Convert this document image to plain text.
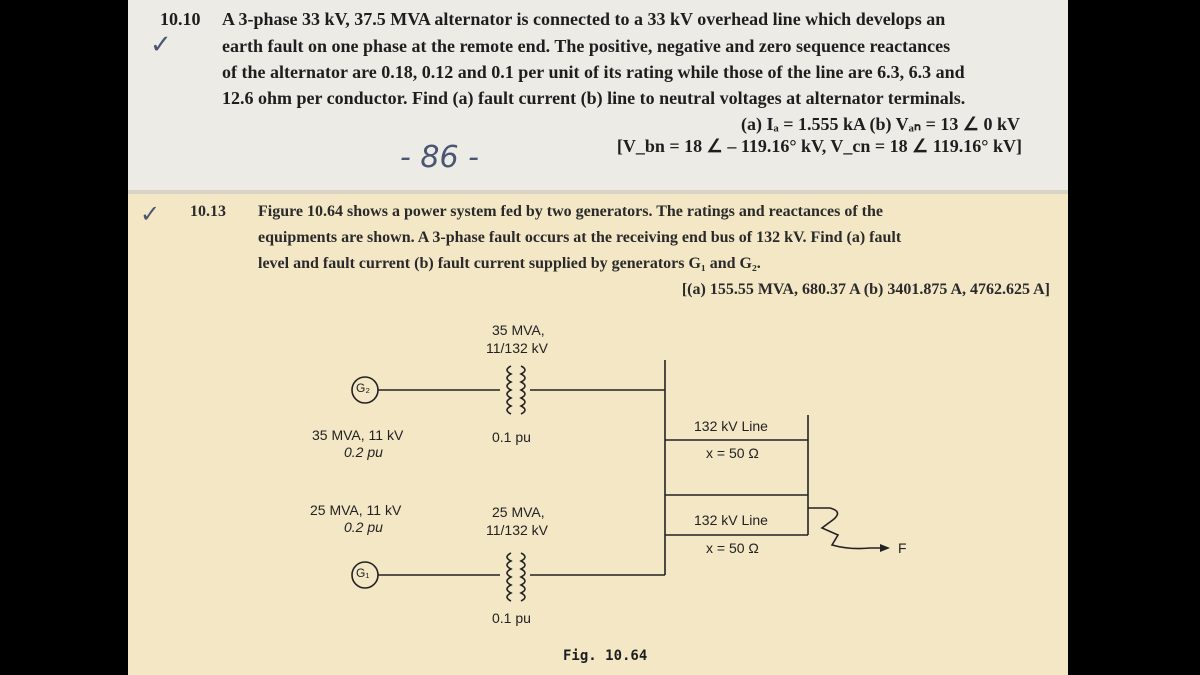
10.10
✓
A 3-phase 33 kV, 37.5 MVA alternator is connected to a 33 kV overhead line which develops an
earth fault on one phase at the remote end. The positive, negative and zero sequence reactances
of the alternator are 0.18, 0.12 and 0.1 per unit of its rating while those of the line are 6.3, 6.3 and
12.6 ohm per conductor. Find (a) fault current (b) line to neutral voltages at alternator terminals.
(a) Iₐ = 1.555 kA (b) Vₐₙ = 13 ∠ 0 kV
[V_bn = 18 ∠ – 119.16° kV, V_cn = 18 ∠ 119.16° kV]
- 86 -
✓ 10.13 Figure 10.64 shows a power system fed by two generators. The ratings and reactances of the
equipments are shown. A 3-phase fault occurs at the receiving end bus of 132 kV. Find (a) fault
level and fault current (b) fault current supplied by generators G₁ and G₂.
[(a) 155.55 MVA, 680.37 A (b) 3401.875 A, 4762.625 A]
35 MVA,
11/132 kV
G₂
35 MVA, 11 kV
0.2 pu
0.1 pu
132 kV Line
x = 50 Ω
25 MVA, 11 kV
0.2 pu
25 MVA,
11/132 kV
132 kV Line
x = 50 Ω
G₁
0.1 pu
F
Fig. 10.64
